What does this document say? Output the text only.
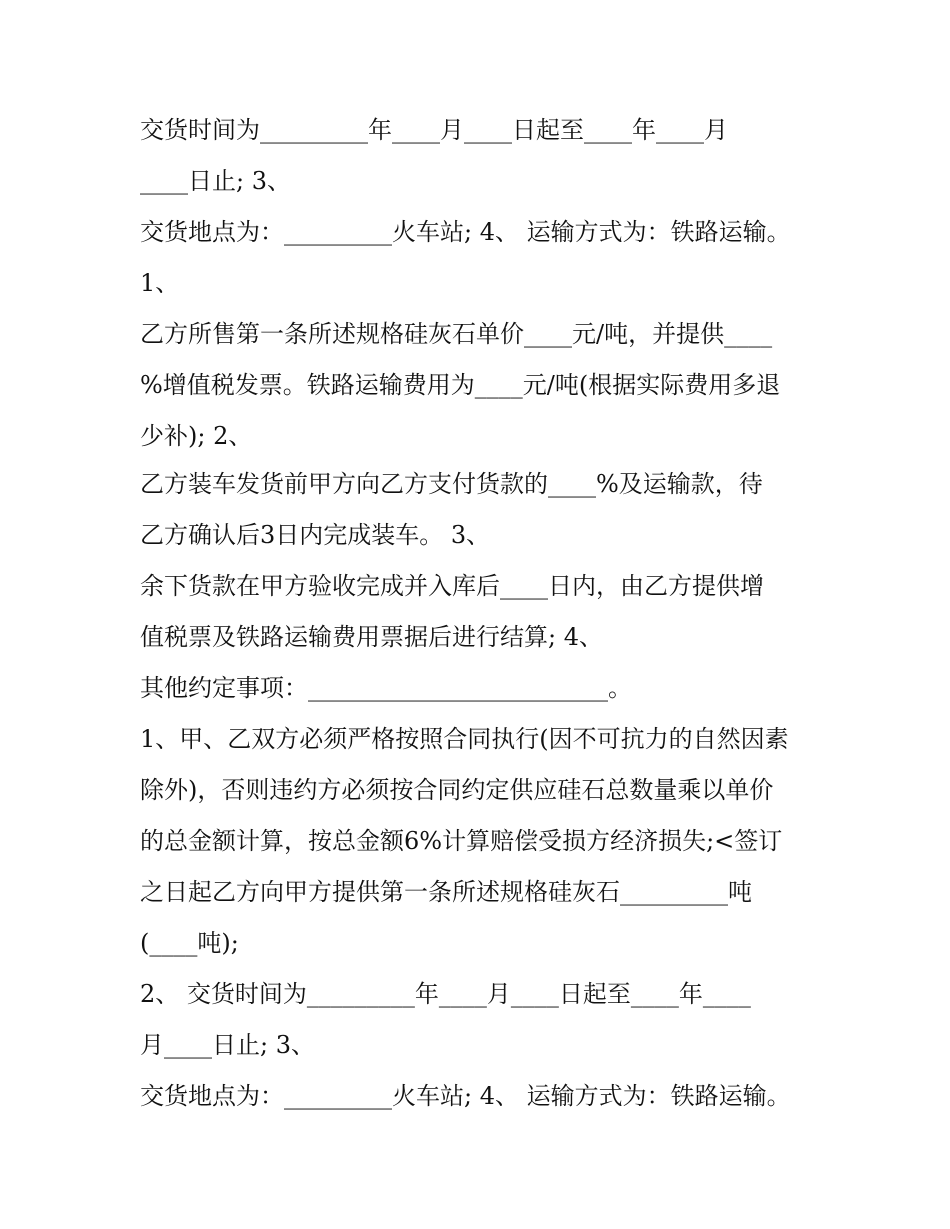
交货时间为_________年____月____日起至____年____月
____日止; 3、
交货地点为：_________火车站; 4、 运输方式为：铁路运输。
1、
乙方所售第一条所述规格硅灰石单价____元/吨，并提供____
%增值税发票。铁路运输费用为____元/吨(根据实际费用多退
少补); 2、
乙方装车发货前甲方向乙方支付货款的____%及运输款，待
乙方确认后3日内完成装车。 3、
余下货款在甲方验收完成并入库后____日内，由乙方提供增
值税票及铁路运输费用票据后进行结算; 4、
其他约定事项：_________________________。
1、甲、乙双方必须严格按照合同执行(因不可抗力的自然因素
除外)，否则违约方必须按合同约定供应硅石总数量乘以单价
的总金额计算，按总金额6%计算赔偿受损方经济损失;<签订
之日起乙方向甲方提供第一条所述规格硅灰石_________吨
(____吨);
2、 交货时间为_________年____月____日起至____年____
月____日止; 3、
交货地点为：_________火车站; 4、 运输方式为：铁路运输。
